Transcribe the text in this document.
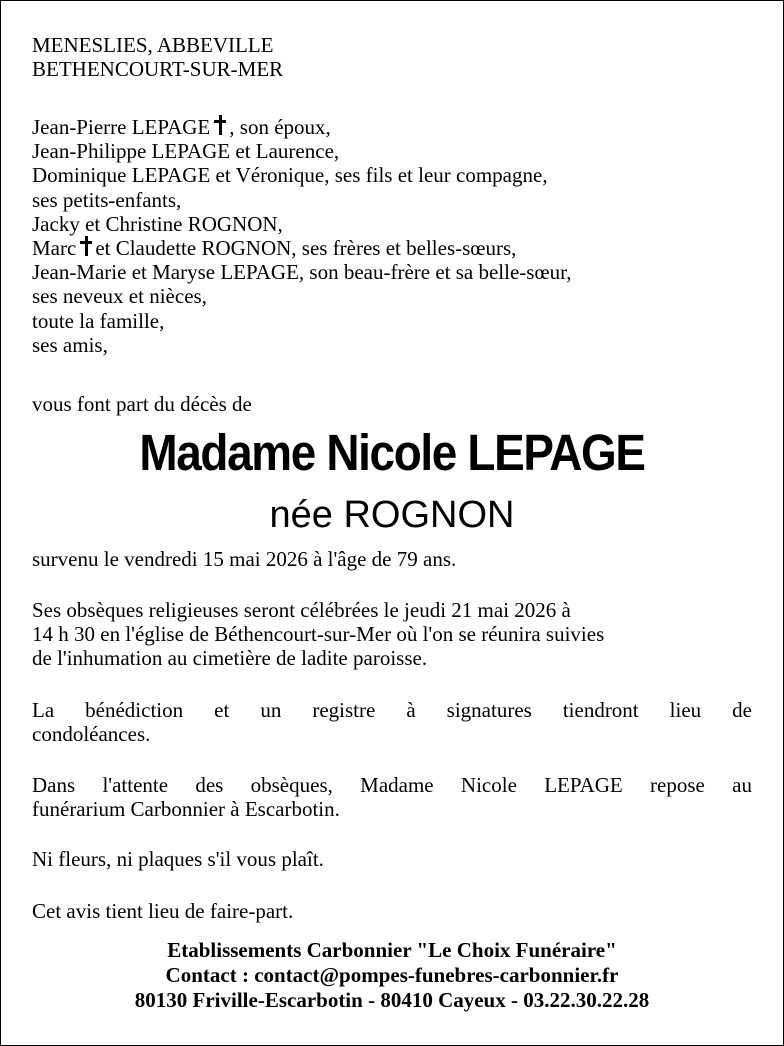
MENESLIES, ABBEVILLE
BETHENCOURT-SUR-MER
Jean-Pierre LEPAGE , son époux,
Jean-Philippe LEPAGE et Laurence,
Dominique LEPAGE et Véronique, ses fils et leur compagne,
ses petits-enfants,
Jacky et Christine ROGNON,
Marc et Claudette ROGNON, ses frères et belles-sœurs,
Jean-Marie et Maryse LEPAGE, son beau-frère et sa belle-sœur,
ses neveux et nièces,
toute la famille,
ses amis,
vous font part du décès de
Madame Nicole LEPAGE
née ROGNON
survenu le vendredi 15 mai 2026 à l'âge de 79 ans.
Ses obsèques religieuses seront célébrées le jeudi 21 mai 2026 à
14 h 30 en l'église de Béthencourt-sur-Mer où l'on se réunira suivies
de l'inhumation au cimetière de ladite paroisse.
La bénédiction et un registre à signatures tiendront lieu de
condoléances.
Dans l'attente des obsèques, Madame Nicole LEPAGE repose au
funérarium Carbonnier à Escarbotin.
Ni fleurs, ni plaques s'il vous plaît.
Cet avis tient lieu de faire-part.
Etablissements Carbonnier "Le Choix Funéraire"
Contact : contact@pompes-funebres-carbonnier.fr
80130 Friville-Escarbotin - 80410 Cayeux - 03.22.30.22.28
